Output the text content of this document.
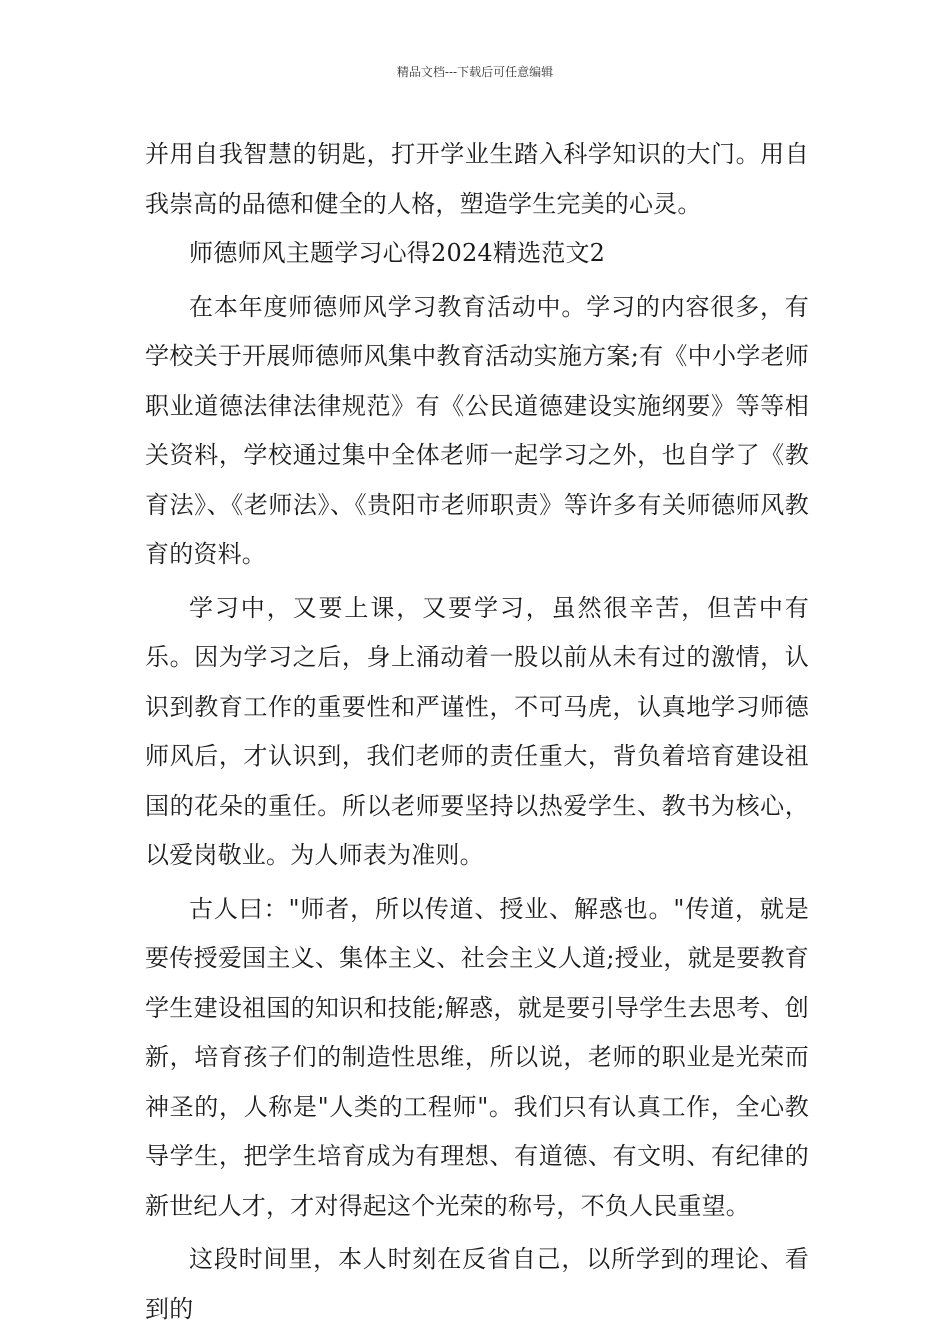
精品文档---下载后可任意编辑

并用自我智慧的钥匙，打开学业生踏入科学知识的大门。用自我崇高的品德和健全的人格，塑造学生完美的心灵。

师德师风主题学习心得2024精选范文2

在本年度师德师风学习教育活动中。学习的内容很多，有学校关于开展师德师风集中教育活动实施方案;有《中小学老师职业道德法律法律规范》有《公民道德建设实施纲要》等等相关资料，学校通过集中全体老师一起学习之外，也自学了《教育法》、《老师法》、《贵阳市老师职责》等许多有关师德师风教育的资料。

学习中，又要上课，又要学习，虽然很辛苦，但苦中有乐。因为学习之后，身上涌动着一股以前从未有过的激情，认识到教育工作的重要性和严谨性，不可马虎，认真地学习师德师风后，才认识到，我们老师的责任重大，背负着培育建设祖国的花朵的重任。所以老师要坚持以热爱学生、教书为核心，以爱岗敬业。为人师表为准则。

古人曰："师者，所以传道、授业、解惑也。"传道，就是要传授爱国主义、集体主义、社会主义人道;授业，就是要教育学生建设祖国的知识和技能;解惑，就是要引导学生去思考、创新，培育孩子们的制造性思维，所以说，老师的职业是光荣而神圣的，人称是"人类的工程师"。我们只有认真工作，全心教导学生，把学生培育成为有理想、有道德、有文明、有纪律的新世纪人才，才对得起这个光荣的称号，不负人民重望。

这段时间里，本人时刻在反省自己，以所学到的理论、看到的
